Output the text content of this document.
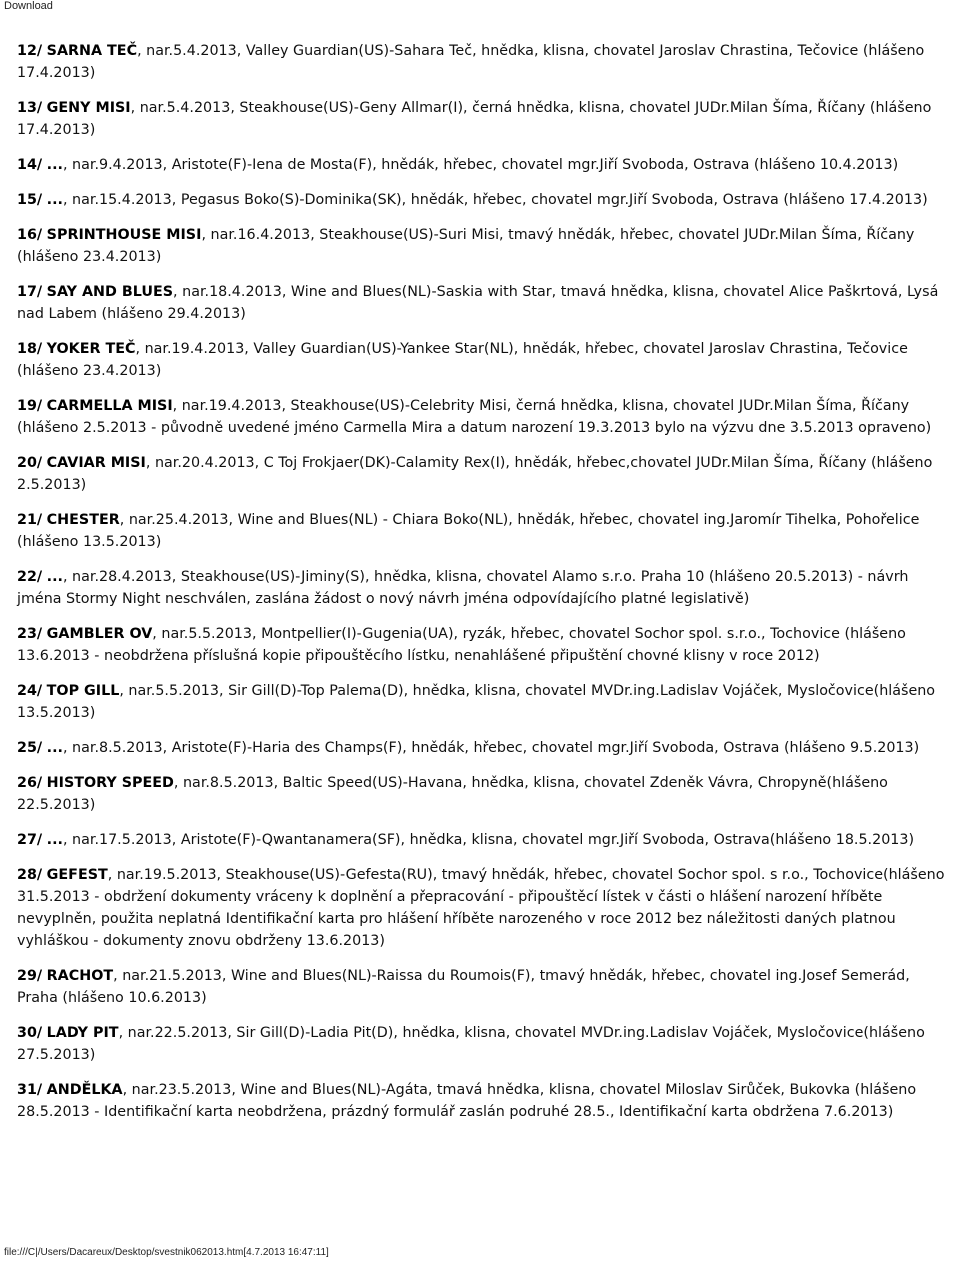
Download

12/ SARNA TEČ, nar.5.4.2013, Valley Guardian(US)-Sahara Teč, hnědka, klisna, chovatel Jaroslav Chrastina, Tečovice (hlášeno 17.4.2013)

13/ GENY MISI, nar.5.4.2013, Steakhouse(US)-Geny Allmar(I), černá hnědka, klisna, chovatel JUDr.Milan Šíma, Říčany (hlášeno 17.4.2013)

14/ ..., nar.9.4.2013, Aristote(F)-Iena de Mosta(F), hnědák, hřebec, chovatel mgr.Jiří Svoboda, Ostrava (hlášeno 10.4.2013)

15/ ..., nar.15.4.2013, Pegasus Boko(S)-Dominika(SK), hnědák, hřebec, chovatel mgr.Jiří Svoboda, Ostrava (hlášeno 17.4.2013)

16/ SPRINTHOUSE MISI, nar.16.4.2013, Steakhouse(US)-Suri Misi, tmavý hnědák, hřebec, chovatel JUDr.Milan Šíma, Říčany (hlášeno 23.4.2013)

17/ SAY AND BLUES, nar.18.4.2013, Wine and Blues(NL)-Saskia with Star, tmavá hnědka, klisna, chovatel Alice Paškrtová, Lysá nad Labem (hlášeno 29.4.2013)

18/ YOKER TEČ, nar.19.4.2013, Valley Guardian(US)-Yankee Star(NL), hnědák, hřebec, chovatel Jaroslav Chrastina, Tečovice (hlášeno 23.4.2013)

19/ CARMELLA MISI, nar.19.4.2013, Steakhouse(US)-Celebrity Misi, černá hnědka, klisna, chovatel JUDr.Milan Šíma, Říčany (hlášeno 2.5.2013 - původně uvedené jméno Carmella Mira a datum narození 19.3.2013 bylo na výzvu dne 3.5.2013 opraveno)

20/ CAVIAR MISI, nar.20.4.2013, C Toj Frokjaer(DK)-Calamity Rex(I), hnědák, hřebec,chovatel JUDr.Milan Šíma, Říčany (hlášeno 2.5.2013)

21/ CHESTER, nar.25.4.2013, Wine and Blues(NL) - Chiara Boko(NL), hnědák, hřebec, chovatel ing.Jaromír Tihelka, Pohořelice (hlášeno 13.5.2013)

22/ ..., nar.28.4.2013, Steakhouse(US)-Jiminy(S), hnědka, klisna, chovatel Alamo s.r.o. Praha 10 (hlášeno 20.5.2013) - návrh jména Stormy Night neschválen, zaslána žádost o nový návrh jména odpovídajícího platné legislativě)

23/ GAMBLER OV, nar.5.5.2013, Montpellier(I)-Gugenia(UA), ryzák, hřebec, chovatel Sochor spol. s.r.o., Tochovice (hlášeno 13.6.2013 - neobdržena příslušná kopie připouštěcího lístku, nenahlášené připuštění chovné klisny v roce 2012)

24/ TOP GILL, nar.5.5.2013, Sir Gill(D)-Top Palema(D), hnědka, klisna, chovatel MVDr.ing.Ladislav Vojáček, Mysločovice(hlášeno 13.5.2013)

25/ ..., nar.8.5.2013, Aristote(F)-Haria des Champs(F), hnědák, hřebec, chovatel mgr.Jiří Svoboda, Ostrava (hlášeno 9.5.2013)

26/ HISTORY SPEED, nar.8.5.2013, Baltic Speed(US)-Havana, hnědka, klisna, chovatel Zdeněk Vávra, Chropyně(hlášeno 22.5.2013)

27/ ..., nar.17.5.2013, Aristote(F)-Qwantanamera(SF), hnědka, klisna, chovatel mgr.Jiří Svoboda, Ostrava(hlášeno 18.5.2013)

28/ GEFEST, nar.19.5.2013, Steakhouse(US)-Gefesta(RU), tmavý hnědák, hřebec, chovatel Sochor spol. s r.o., Tochovice(hlášeno 31.5.2013 - obdržení dokumenty vráceny k doplnění a přepracování - připouštěcí lístek v části o hlášení narození hříběte nevyplněn, použita neplatná Identifikační karta pro hlášení hříběte narozeného v roce 2012 bez náležitosti daných platnou vyhláškou - dokumenty znovu obdrženy 13.6.2013)

29/ RACHOT, nar.21.5.2013, Wine and Blues(NL)-Raissa du Roumois(F), tmavý hnědák, hřebec, chovatel ing.Josef Semerád, Praha (hlášeno 10.6.2013)

30/ LADY PIT, nar.22.5.2013, Sir Gill(D)-Ladia Pit(D), hnědka, klisna, chovatel MVDr.ing.Ladislav Vojáček, Mysločovice(hlášeno 27.5.2013)

31/ ANDĚLKA, nar.23.5.2013, Wine and Blues(NL)-Agáta, tmavá hnědka, klisna, chovatel Miloslav Sirůček, Bukovka (hlášeno 28.5.2013 - Identifikační karta neobdržena, prázdný formulář zaslán podruhé 28.5., Identifikační karta obdržena 7.6.2013)

file:///C|/Users/Dacareux/Desktop/svestnik062013.htm[4.7.2013 16:47:11]
